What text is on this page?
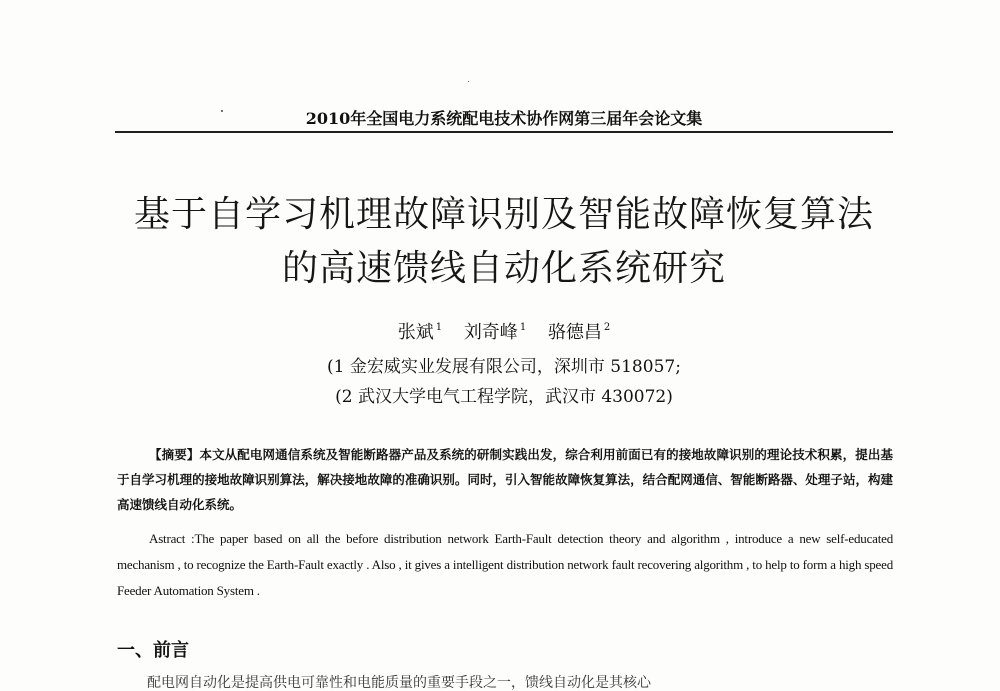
2010年全国电力系统配电技术协作网第三届年会论文集
基于自学习机理故障识别及智能故障恢复算法
的高速馈线自动化系统研究
张斌 $^1$ 刘奇峰 $^1$ 骆德昌 $^2$
(1 金宏威实业发展有限公司，深圳市 518057;
(2 武汉大学电气工程学院，武汉市 430072)
【摘要】本文从配电网通信系统及智能断路器产品及系统的研制实践出发，综合利用前面已有的接地故障识别的理论技术积累，提出基于自学习机理的接地故障识别算法，解决接地故障的准确识别。同时，引入智能故障恢复算法，结合配网通信、智能断路器、处理子站，构建高速馈线自动化系统。
Astract :The paper based on all the before distribution network Earth-Fault detection theory and algorithm , introduce a new self-educated mechanism , to recognize the Earth-Fault exactly . Also , it gives a intelligent distribution network fault recovering algorithm , to help to form a high speed Feeder Automation System .
一、前言
配电网自动化是提高供电可靠性和电能质量的重要手段之一，馈线自动化是其核心
